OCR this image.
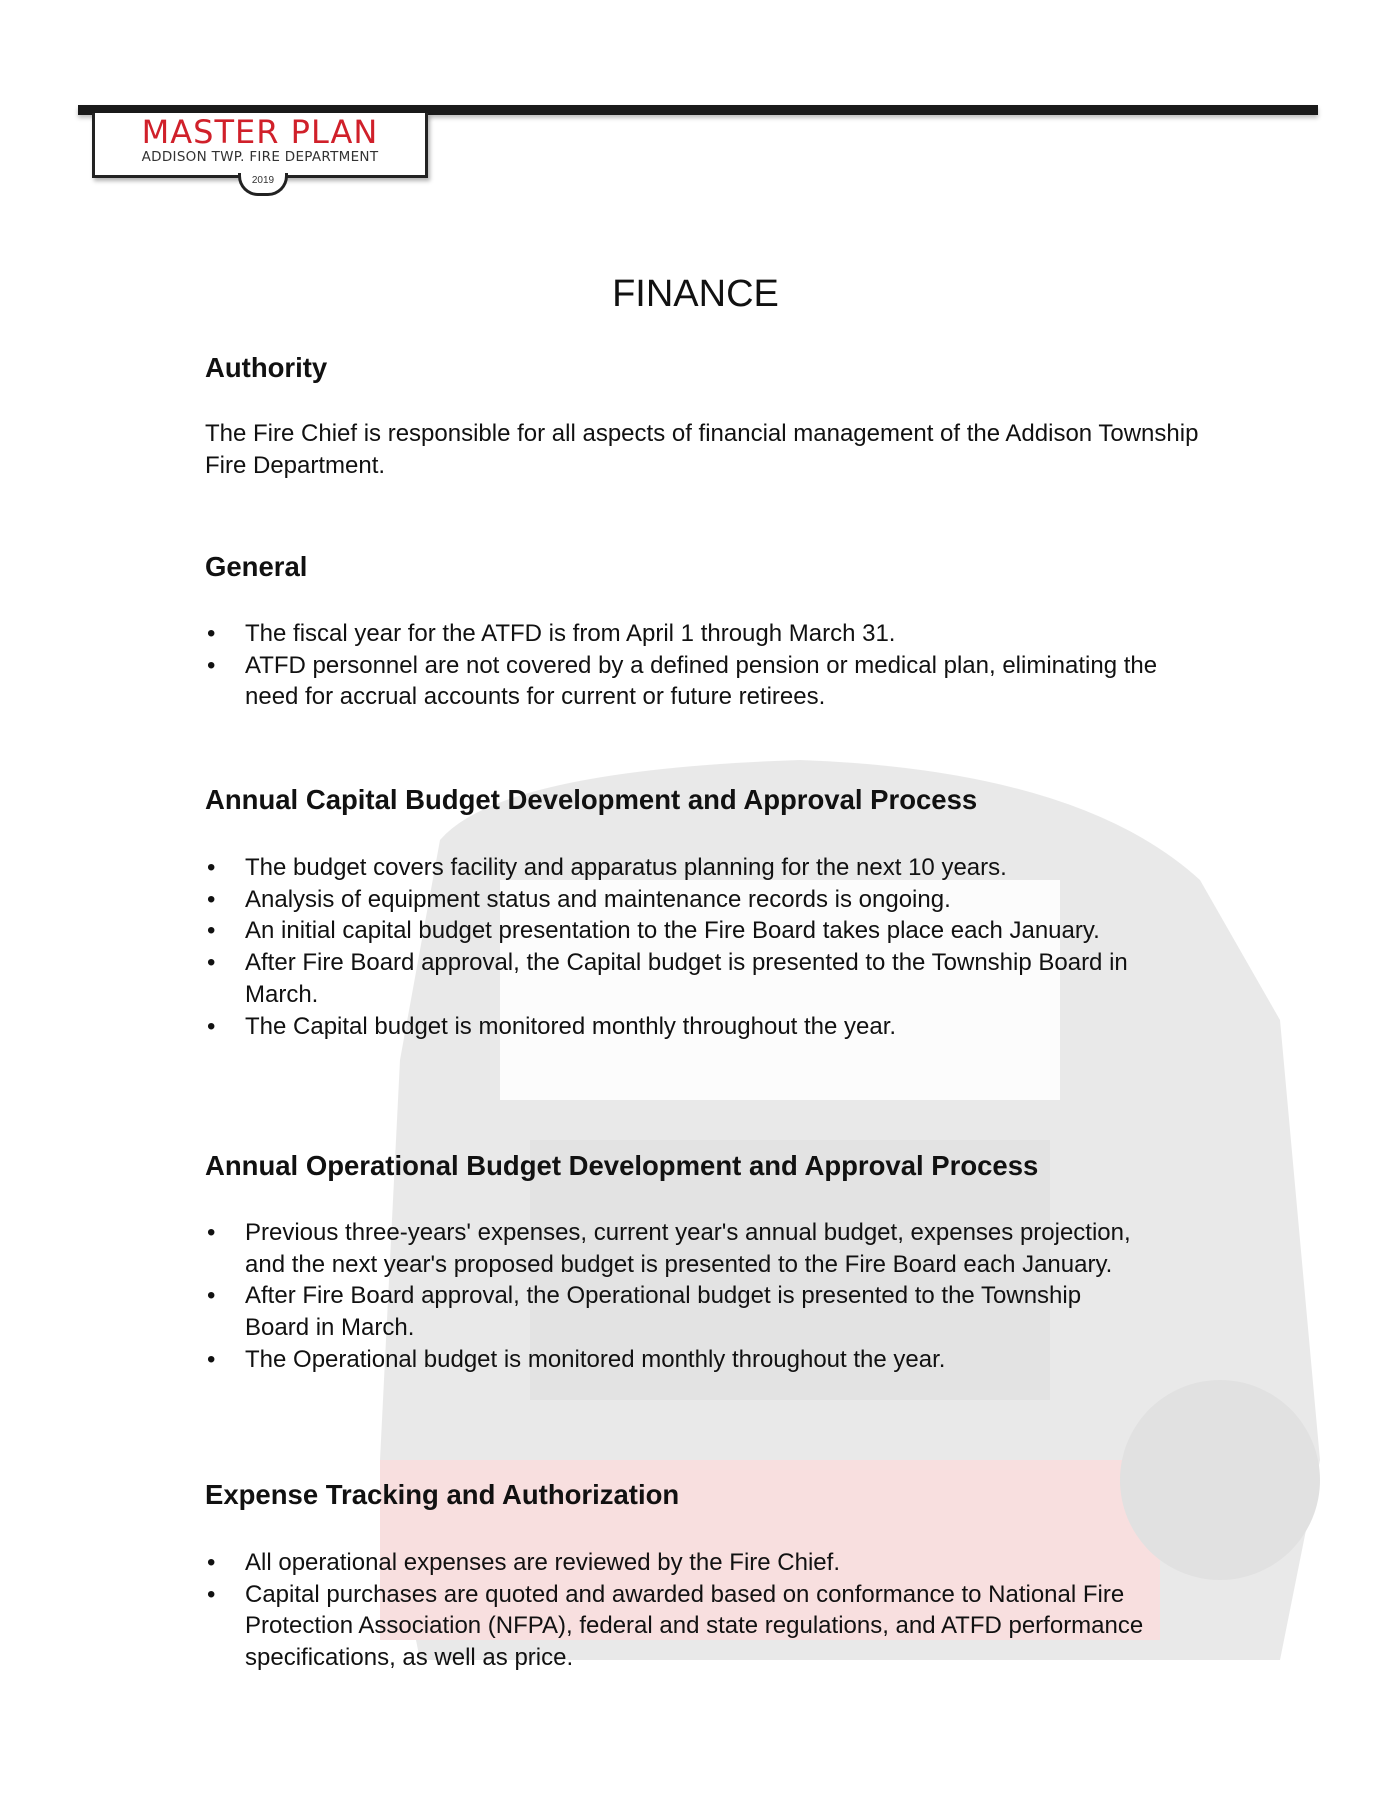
MASTER PLAN
ADDISON TWP. FIRE DEPARTMENT
2019
FINANCE
Authority
The Fire Chief is responsible for all aspects of financial management of the Addison Township Fire Department.
General
• The fiscal year for the ATFD is from April 1 through March 31.
• ATFD personnel are not covered by a defined pension or medical plan, eliminating the need for accrual accounts for current or future retirees.
Annual Capital Budget Development and Approval Process
• The budget covers facility and apparatus planning for the next 10 years.
• Analysis of equipment status and maintenance records is ongoing.
• An initial capital budget presentation to the Fire Board takes place each January.
• After Fire Board approval, the Capital budget is presented to the Township Board in March.
• The Capital budget is monitored monthly throughout the year.
Annual Operational Budget Development and Approval Process
• Previous three-years' expenses, current year's annual budget, expenses projection, and the next year's proposed budget is presented to the Fire Board each January.
• After Fire Board approval, the Operational budget is presented to the Township Board in March.
• The Operational budget is monitored monthly throughout the year.
Expense Tracking and Authorization
• All operational expenses are reviewed by the Fire Chief.
• Capital purchases are quoted and awarded based on conformance to National Fire Protection Association (NFPA), federal and state regulations, and ATFD performance specifications, as well as price.
